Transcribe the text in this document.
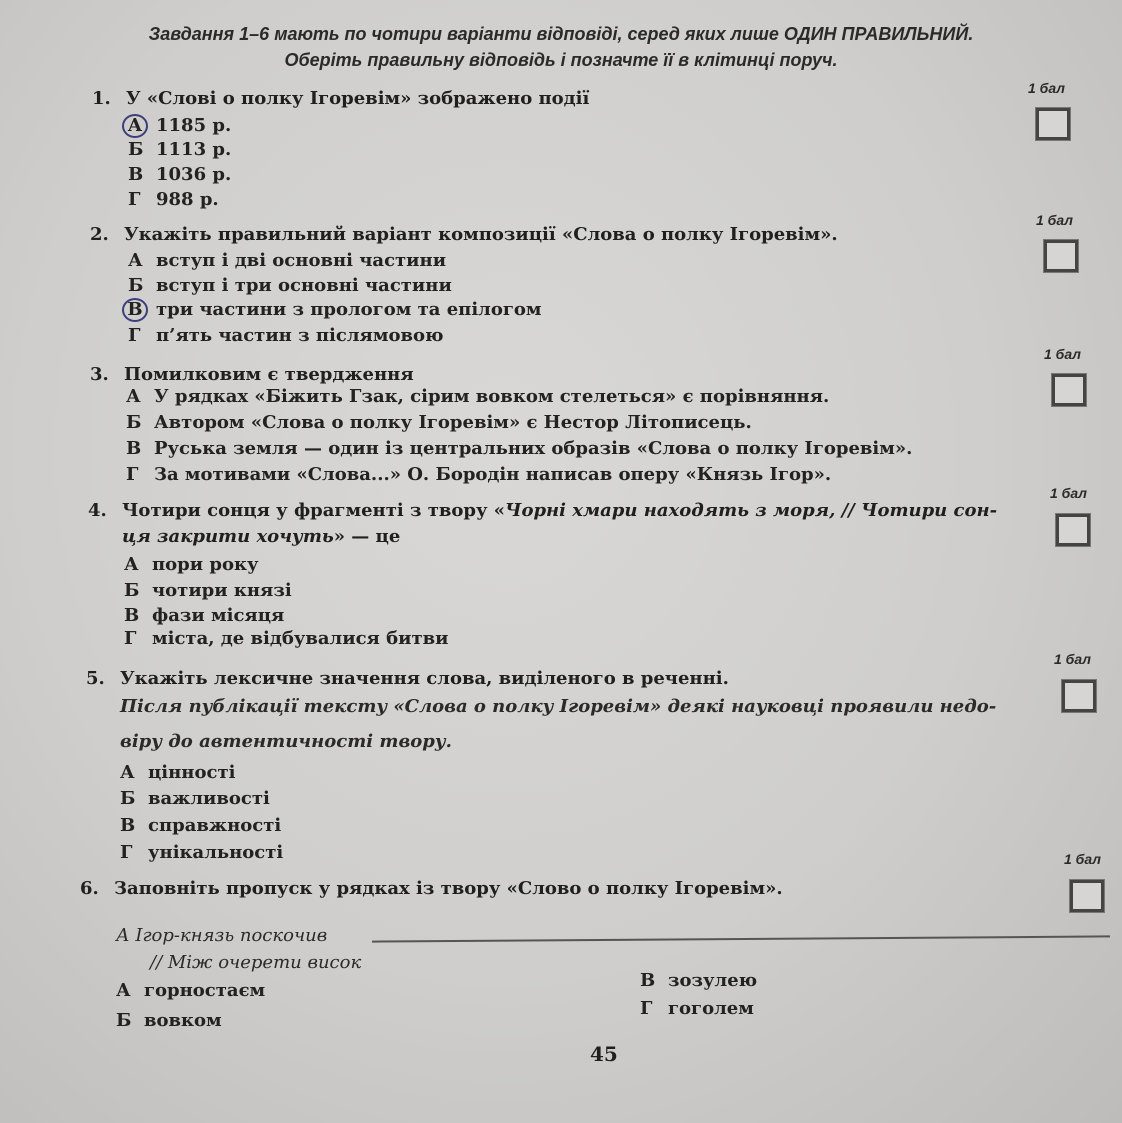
Завдання 1–6 мають по чотири варіанти відповіді, серед яких лише ОДИН ПРАВИЛЬНИЙ.
Оберіть правильну відповідь і позначте її в клітинці поруч.
1. У «Слові о полку Ігоревім» зображено події
А 1185 р.
Б 1113 р.
В 1036 р.
Г 988 р.
1 бал
2. Укажіть правильний варіант композиції «Слова о полку Ігоревім».
А вступ і дві основні частини
Б вступ і три основні частини
В три частини з прологом та епілогом
Г п’ять частин з післямовою
1 бал
3. Помилковим є твердження
А У рядках «Біжить Гзак, сірим вовком стелеться» є порівняння.
Б Автором «Слова о полку Ігоревім» є Нестор Літописець.
В Руська земля — один із центральних образів «Слова о полку Ігоревім».
Г За мотивами «Слова...» О. Бородін написав оперу «Князь Ігор».
1 бал
4. Чотири сонця у фрагменті з твору «Чорні хмари находять з моря, // Чотири сон-
ця закрити хочуть» — це
А пори року
Б чотири князі
В фази місяця
Г міста, де відбувалися битви
1 бал
5. Укажіть лексичне значення слова, виділеного в реченні.
Після публікації тексту «Слова о полку Ігоревім» деякі науковці проявили недо-
віру до автентичності твору.
А цінності
Б важливості
В справжності
Г унікальності
1 бал
6. Заповніть пропуск у рядках із твору «Слово о полку Ігоревім».
А Ігор-князь поскочив
// Між очерети висок
А горностаєм
Б вовком
В зозулею
Г гоголем
1 бал
45
